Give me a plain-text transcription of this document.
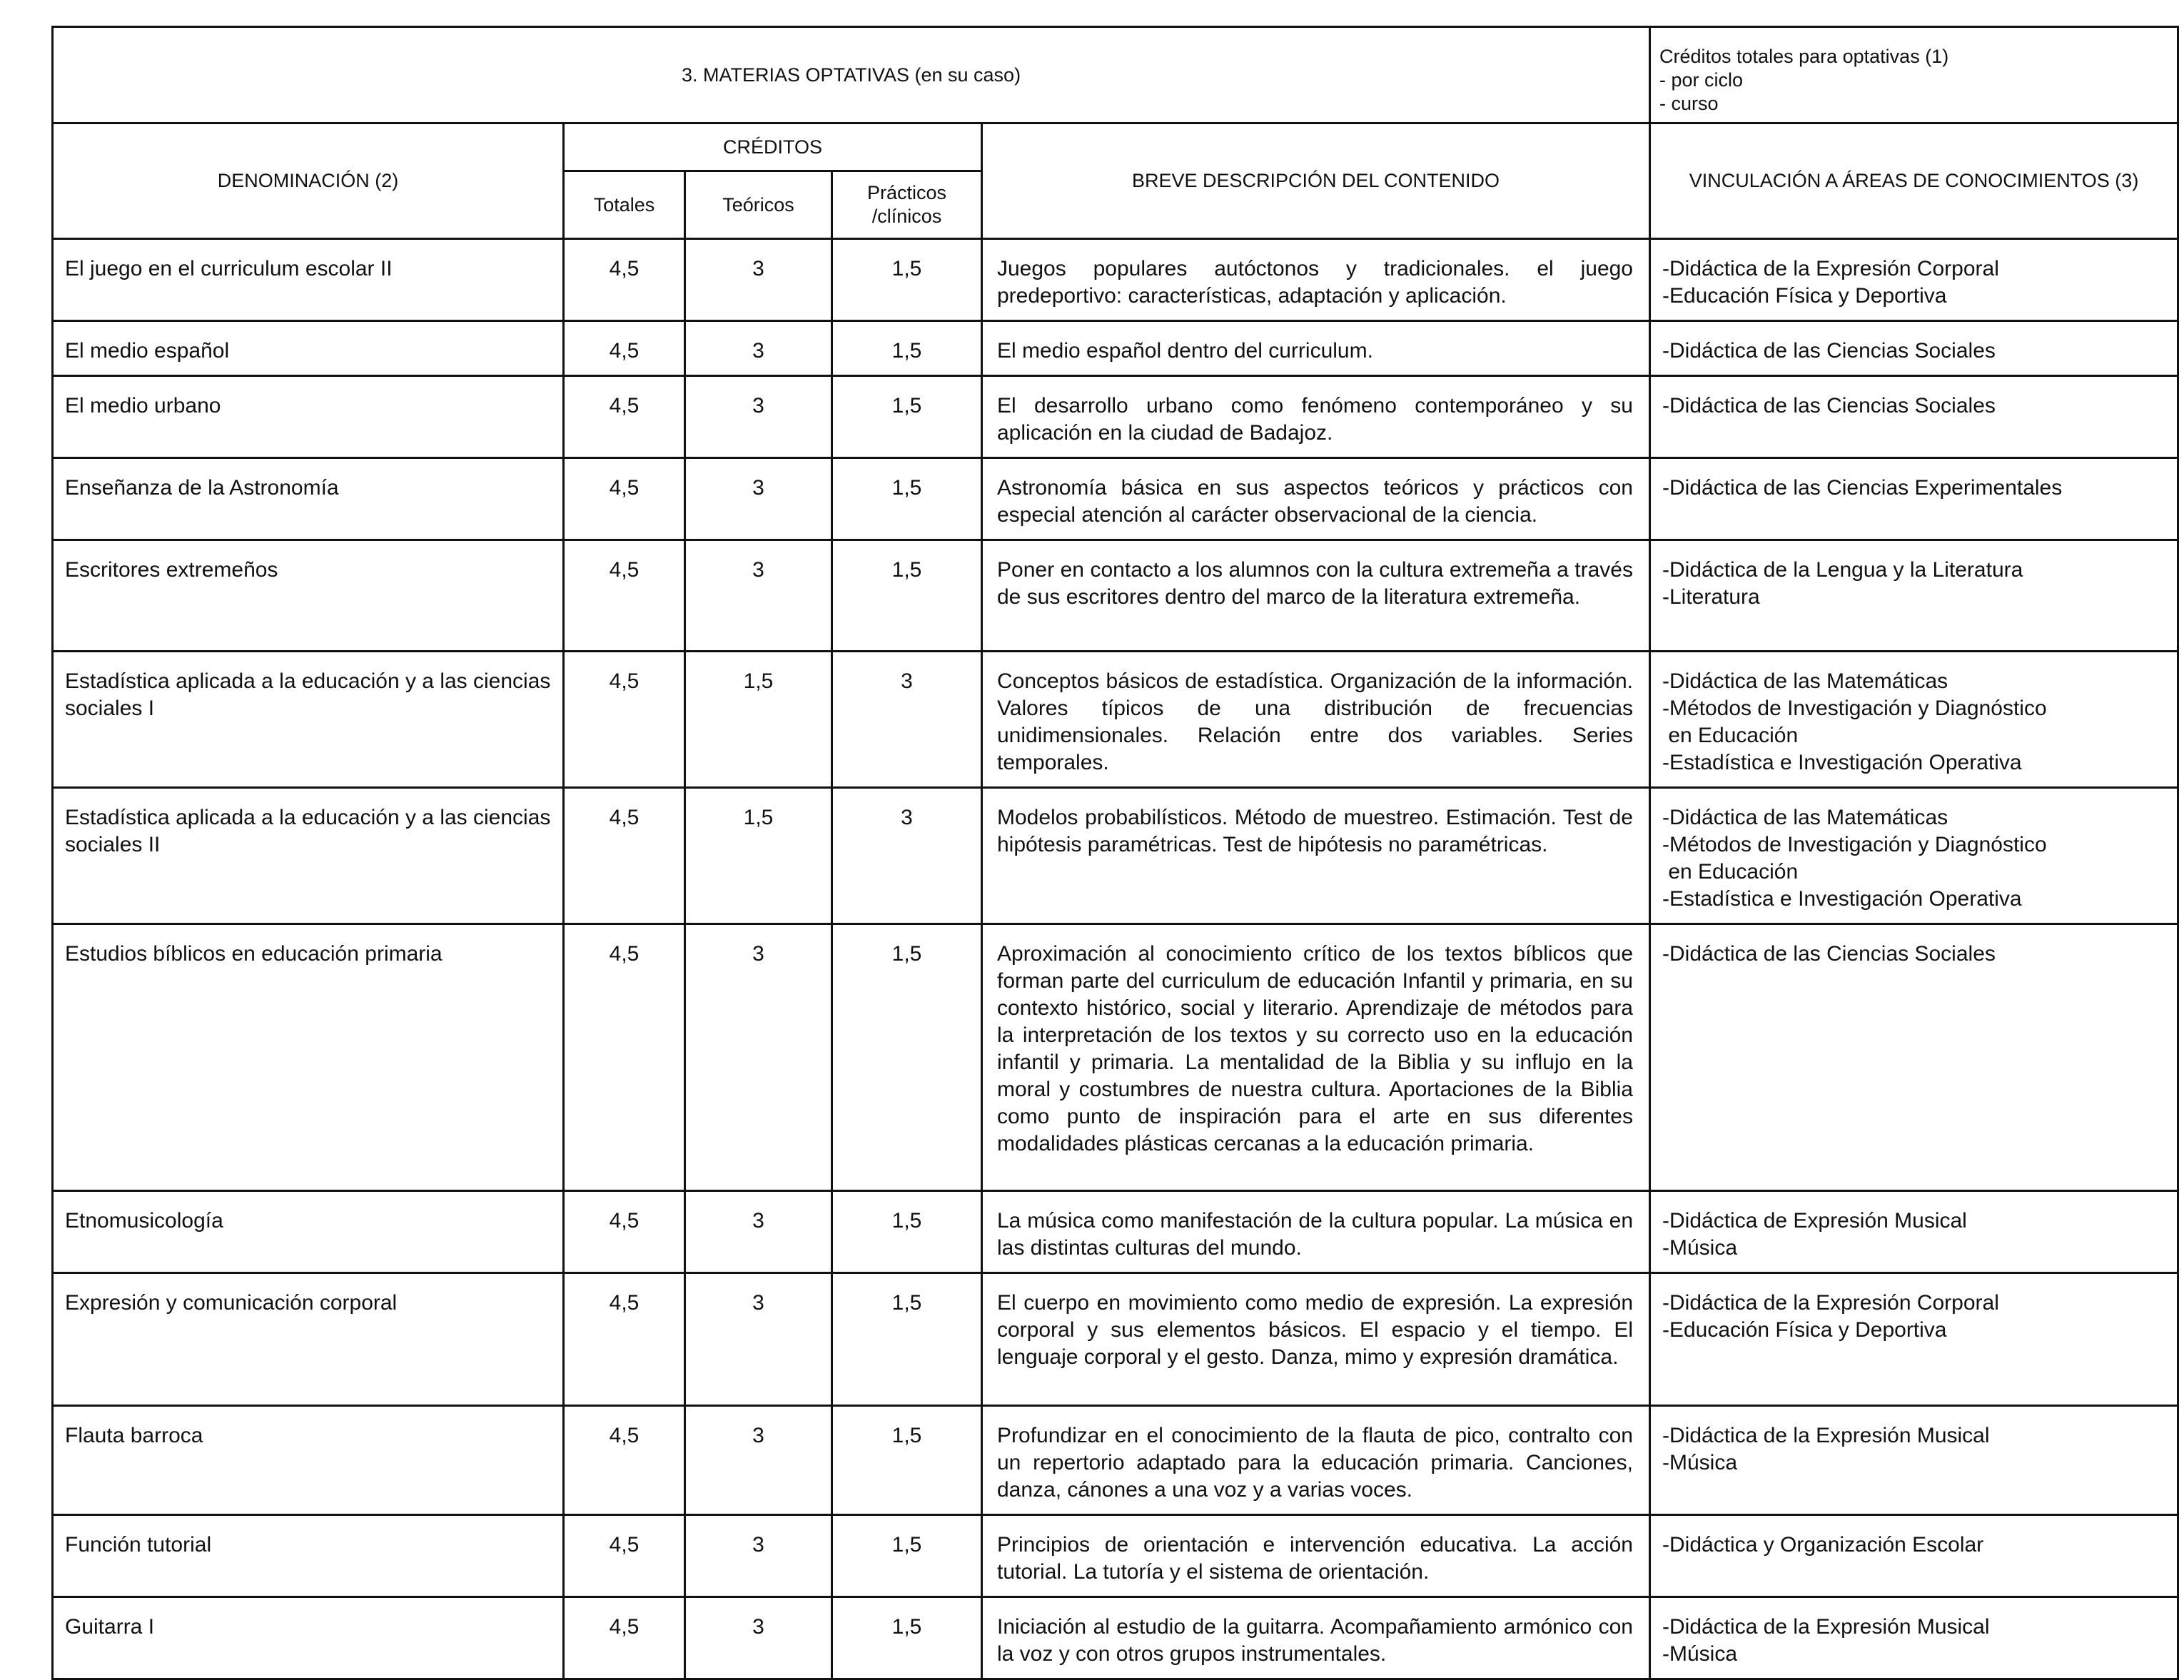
3. MATERIAS OPTATIVAS (en su caso)					Créditos totales para optativas (1)
- por ciclo
- curso

DENOMINACIÓN (2)	CRÉDITOS			BREVE DESCRIPCIÓN DEL CONTENIDO	VINCULACIÓN A ÁREAS DE CONOCIMIENTOS (3)
	Totales	Teóricos	Prácticos /clínicos		
El juego en el curriculum escolar II	4,5	3	1,5	Juegos populares autóctonos y tradicionales. el juego predeportivo: características, adaptación y aplicación.	-Didáctica de la Expresión Corporal
-Educación Física y Deportiva

El medio español	4,5	3	1,5	El medio español dentro del curriculum.	-Didáctica de las Ciencias Sociales

El medio urbano	4,5	3	1,5	El desarrollo urbano como fenómeno contemporáneo y su aplicación en la ciudad de Badajoz.	-Didáctica de las Ciencias Sociales

Enseñanza de la Astronomía	4,5	3	1,5	Astronomía básica en sus aspectos teóricos y prácticos con especial atención al carácter observacional de la ciencia.	-Didáctica de las Ciencias Experimentales

Escritores extremeños	4,5	3	1,5	Poner en contacto a los alumnos con la cultura extremeña a través de sus escritores dentro del marco de la literatura extremeña.	-Didáctica de la Lengua y la Literatura
-Literatura

Estadística aplicada a la educación y a las ciencias sociales I	4,5	1,5	3	Conceptos básicos de estadística. Organización de la información. Valores típicos de una distribución de frecuencias unidimensionales. Relación entre dos variables. Series temporales.	-Didáctica de las Matemáticas
-Métodos de Investigación y Diagnóstico
en Educación
-Estadística e Investigación Operativa

Estadística aplicada a la educación y a las ciencias sociales II	4,5	1,5	3	Modelos probabilísticos. Método de muestreo. Estimación. Test de hipótesis paramétricas. Test de hipótesis no paramétricas.	-Didáctica de las Matemáticas
-Métodos de Investigación y Diagnóstico
en Educación
-Estadística e Investigación Operativa

Estudios bíblicos en educación primaria	4,5	3	1,5	Aproximación al conocimiento crítico de los textos bíblicos que forman parte del curriculum de educación Infantil y primaria, en su contexto histórico, social y literario. Aprendizaje de métodos para la interpretación de los textos y su correcto uso en la educación infantil y primaria. La mentalidad de la Biblia y su influjo en la moral y costumbres de nuestra cultura. Aportaciones de la Biblia como punto de inspiración para el arte en sus diferentes modalidades plásticas cercanas a la educación primaria.	-Didáctica de las Ciencias Sociales

Etnomusicología	4,5	3	1,5	La música como manifestación de la cultura popular. La música en las distintas culturas del mundo.	-Didáctica de Expresión Musical
-Música

Expresión y comunicación corporal	4,5	3	1,5	El cuerpo en movimiento como medio de expresión. La expresión corporal y sus elementos básicos. El espacio y el tiempo. El lenguaje corporal y el gesto. Danza, mimo y expresión dramática.	-Didáctica de la Expresión Corporal
-Educación Física y Deportiva

Flauta barroca	4,5	3	1,5	Profundizar en el conocimiento de la flauta de pico, contralto con un repertorio adaptado para la educación primaria. Canciones, danza, cánones a una voz y a varias voces.	-Didáctica de la Expresión Musical
-Música

Función tutorial	4,5	3	1,5	Principios de orientación e intervención educativa. La acción tutorial. La tutoría y el sistema de orientación.	-Didáctica y Organización Escolar

Guitarra I	4,5	3	1,5	Iniciación al estudio de la guitarra. Acompañamiento armónico con la voz y con otros grupos instrumentales.	-Didáctica de la Expresión Musical
-Música
